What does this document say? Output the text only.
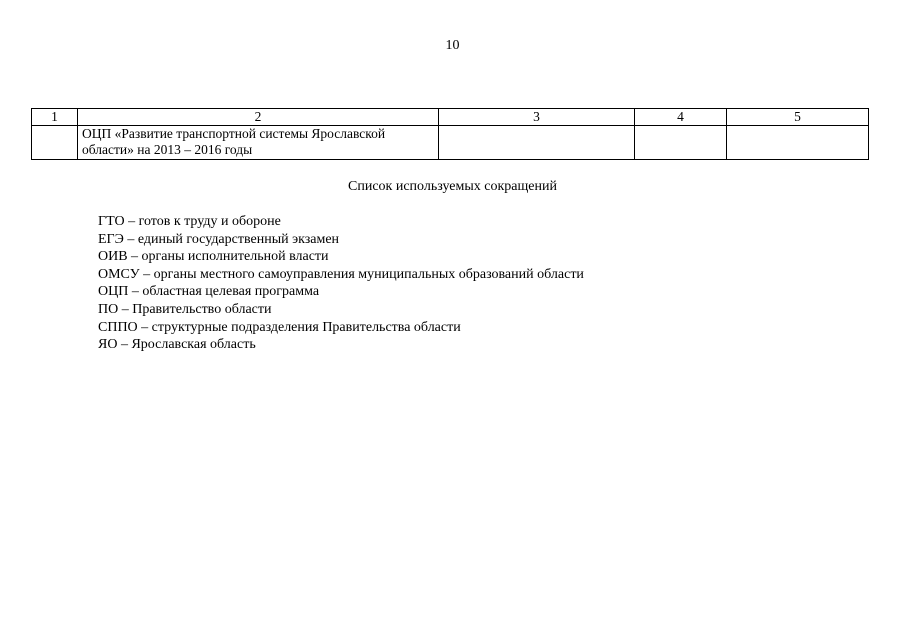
10
1	2	3	4	5
	ОЦП «Развитие транспортной системы Ярославской области» на 2013 – 2016 годы			
Список используемых сокращений
ГТО – готов к труду и обороне
ЕГЭ – единый государственный экзамен
ОИВ – органы исполнительной власти
ОМСУ – органы местного самоуправления муниципальных образований области
ОЦП – областная целевая программа
ПО – Правительство области
СППО – структурные подразделения Правительства области
ЯО – Ярославская область
